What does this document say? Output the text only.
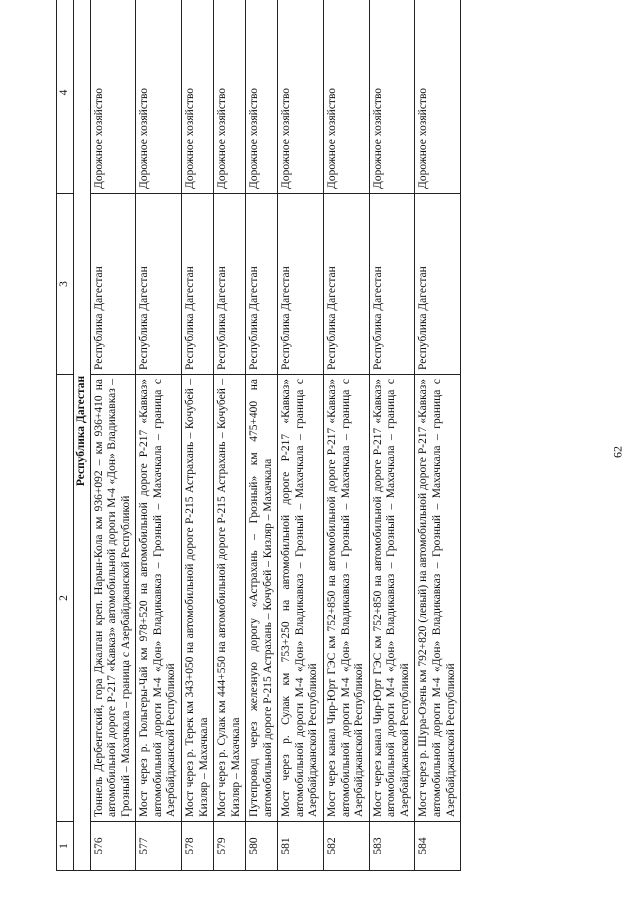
62
1	2	3	4
Республика Дагестан			
576	Тоннель Дербентский, гора Джалган креп. Нарын-Кола км 936+092 – км 936+410 на автомобильной дороге Р-217 «Кавказ» автомобильной дороги М-4 «Дон» Владикавказ – Грозный – Махачкала – граница с Азербайджанской Республикой	Республика Дагестан	Дорожное хозяйство
577	Мост через р. Гюльгеры-Чай км 978+520 на автомобильной дороге Р-217 «Кавказ» автомобильной дороги М-4 «Дон» Владикавказ – Грозный – Махачкала – граница с Азербайджанской Республикой	Республика Дагестан	Дорожное хозяйство
578	Мост через р. Терек км 343+050 на автомобильной дороге Р-215 Астрахань – Кочубей – Кизляр – Махачкала	Республика Дагестан	Дорожное хозяйство
579	Мост через р. Сулак км 444+550 на автомобильной дороге Р-215 Астрахань – Кочубей – Кизляр – Махачкала	Республика Дагестан	Дорожное хозяйство
580	Путепровод через железную дорогу «Астрахань – Грозный» км 475+400 на автомобильной дороге Р-215 Астрахань – Кочубей – Кизляр – Махачкала	Республика Дагестан	Дорожное хозяйство
581	Мост через р. Сулак км 753+250 на автомобильной дороге Р-217 «Кавказ» автомобильной дороги М-4 «Дон» Владикавказ – Грозный – Махачкала – граница с Азербайджанской Республикой	Республика Дагестан	Дорожное хозяйство
582	Мост через канал Чир-Юрт ГЭС км 752+850 на автомобильной дороге Р-217 «Кавказ» автомобильной дороги М-4 «Дон» Владикавказ – Грозный – Махачкала – граница с Азербайджанской Республикой	Республика Дагестан	Дорожное хозяйство
583	Мост через канал Чир-Юрт ГЭС км 752+850 на автомобильной дороге Р-217 «Кавказ» автомобильной дороги М-4 «Дон» Владикавказ – Грозный – Махачкала – граница с Азербайджанской Республикой	Республика Дагестан	Дорожное хозяйство
584	Мост через р. Шура-Озень км 792+820 (левый) на автомобильной дороге Р-217 «Кавказ» автомобильной дороги М-4 «Дон» Владикавказ – Грозный – Махачкала – граница с Азербайджанской Республикой	Республика Дагестан	Дорожное хозяйство
